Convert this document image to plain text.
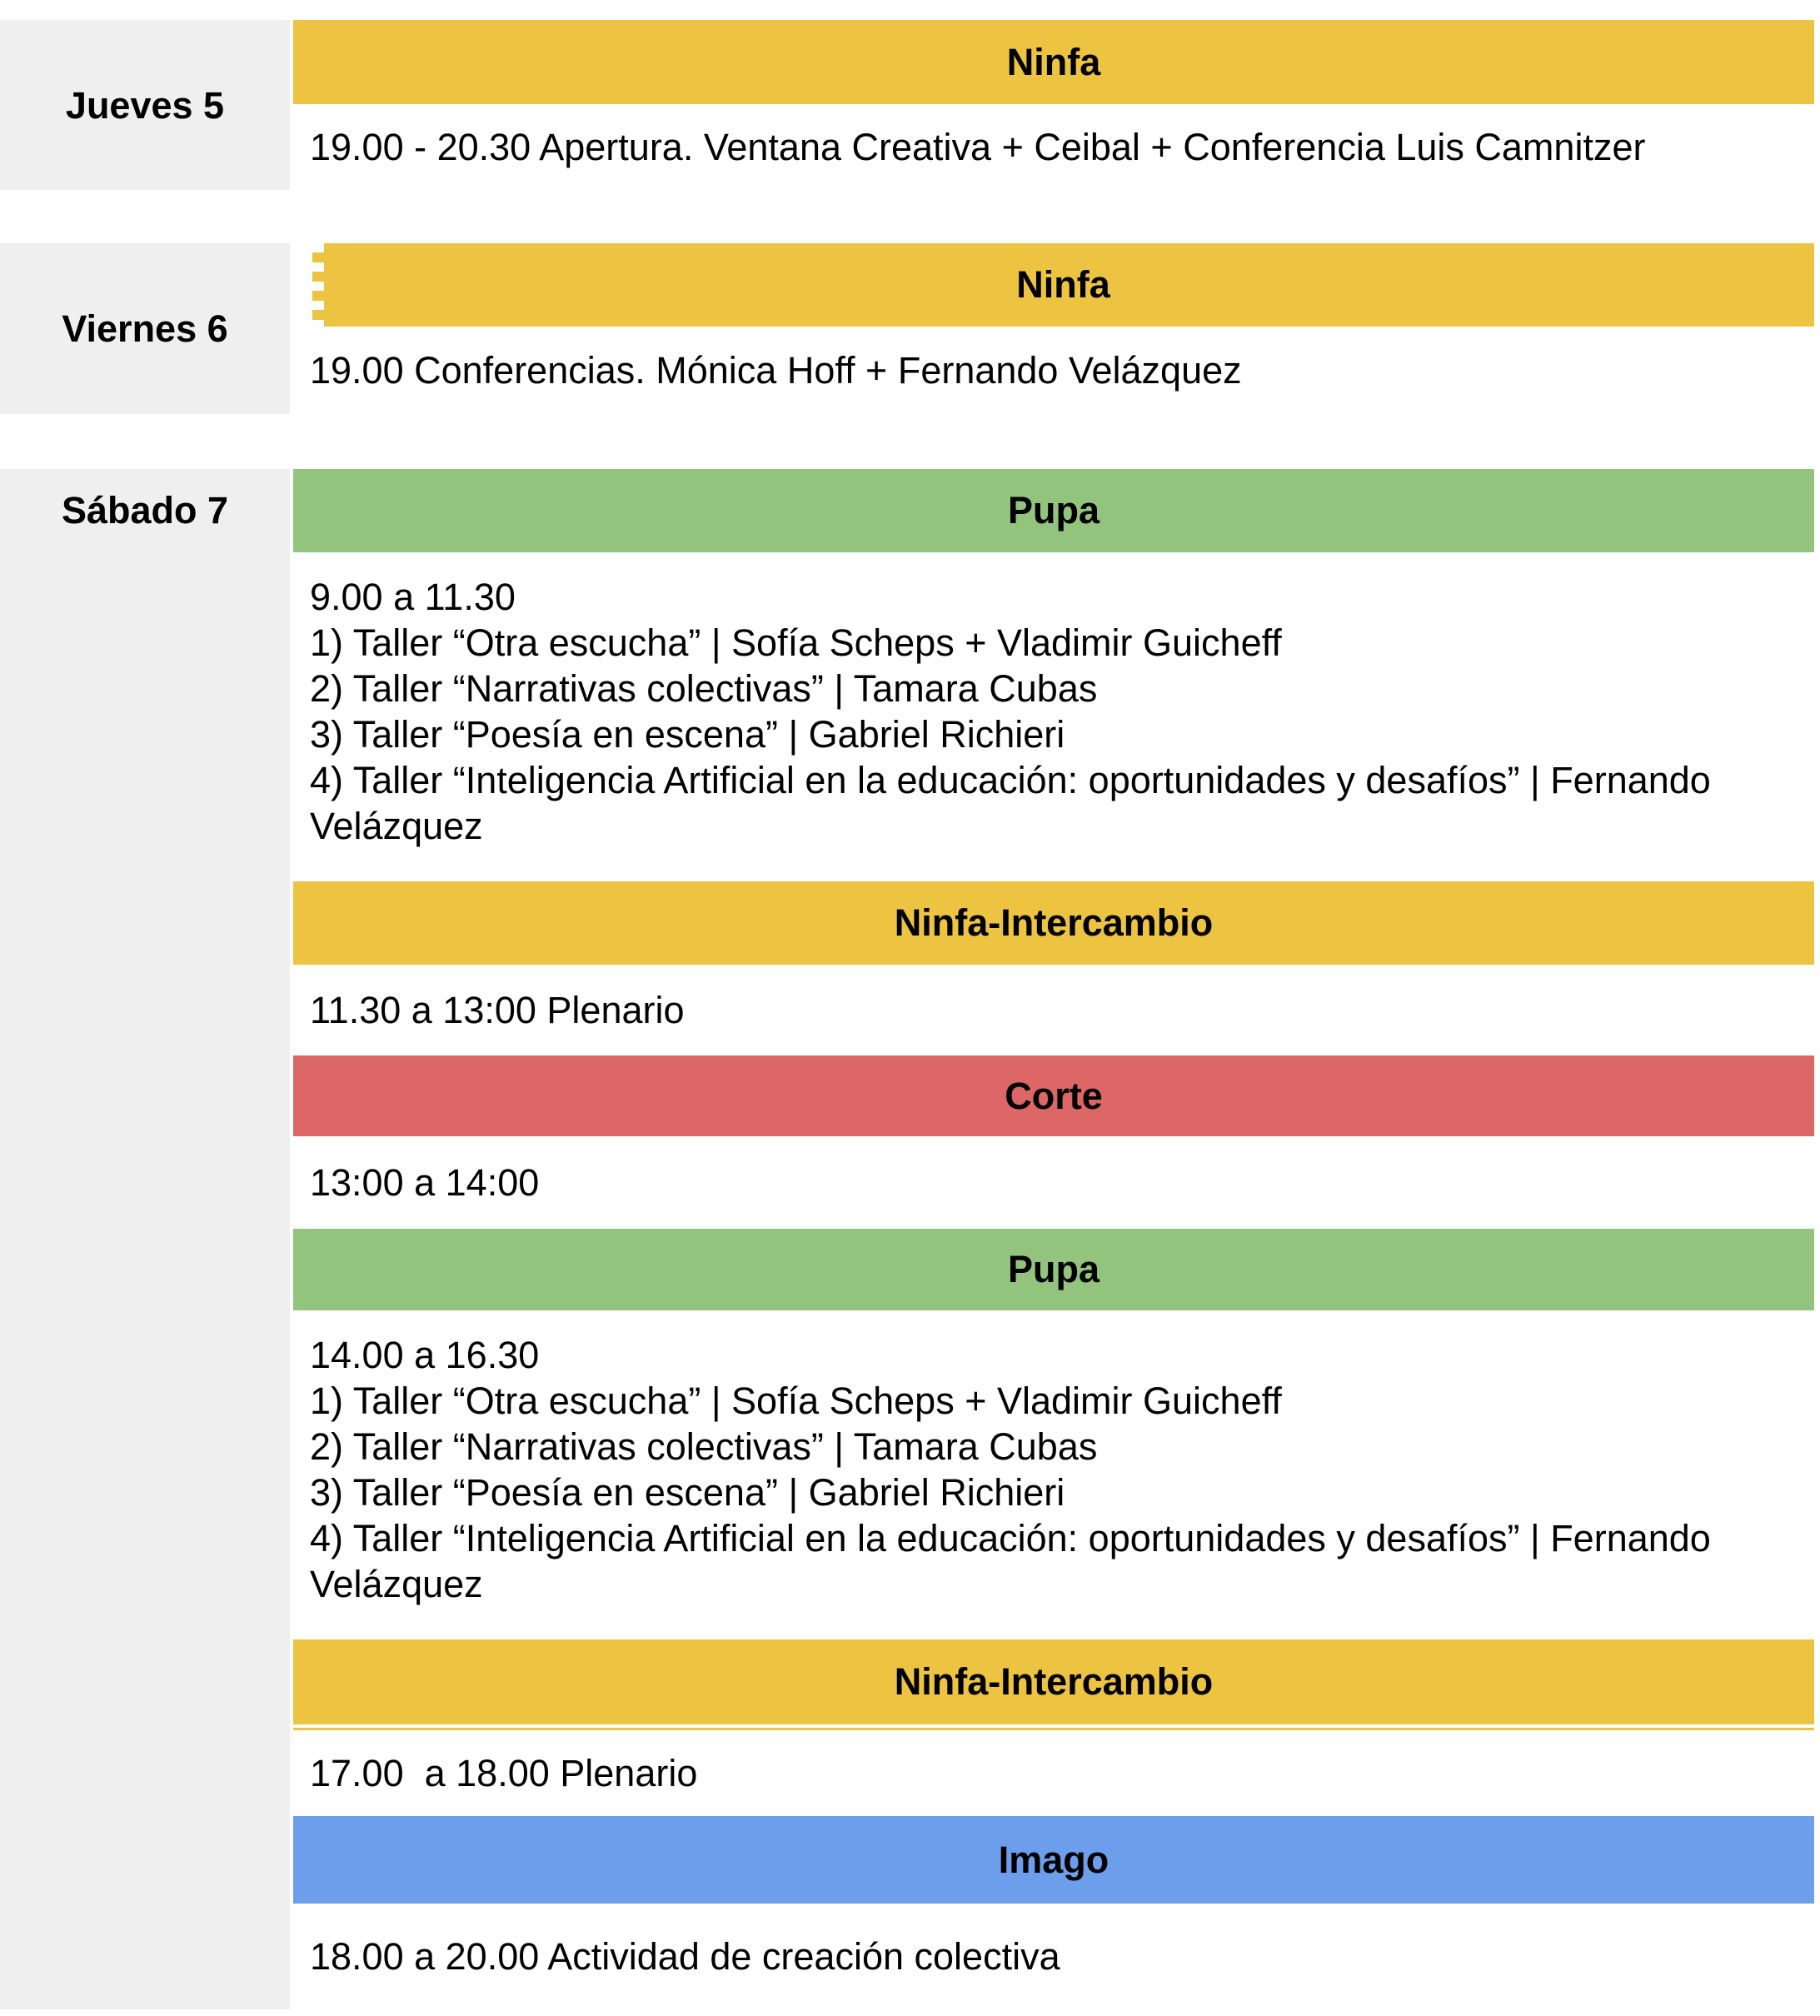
Jueves 5
Ninfa
19.00 - 20.30 Apertura. Ventana Creativa + Ceibal + Conferencia Luis Camnitzer
Viernes 6
Ninfa
19.00 Conferencias. Mónica Hoff + Fernando Velázquez
Sábado 7	Pupa
9.00 a 11.30
1) Taller “Otra escucha” | Sofía Scheps + Vladimir Guicheff
2) Taller “Narrativas colectivas” | Tamara Cubas
3) Taller “Poesía en escena” | Gabriel Richieri
4) Taller “Inteligencia Artificial en la educación: oportunidades y desafíos” | Fernando Velázquez
Ninfa-Intercambio
11.30 a 13:00 Plenario
Corte
13:00 a 14:00
Pupa
14.00 a 16.30
1) Taller “Otra escucha” | Sofía Scheps + Vladimir Guicheff
2) Taller “Narrativas colectivas” | Tamara Cubas
3) Taller “Poesía en escena” | Gabriel Richieri
4) Taller “Inteligencia Artificial en la educación: oportunidades y desafíos” | Fernando Velázquez
Ninfa-Intercambio
17.00  a 18.00 Plenario
Imago
18.00 a 20.00 Actividad de creación colectiva
